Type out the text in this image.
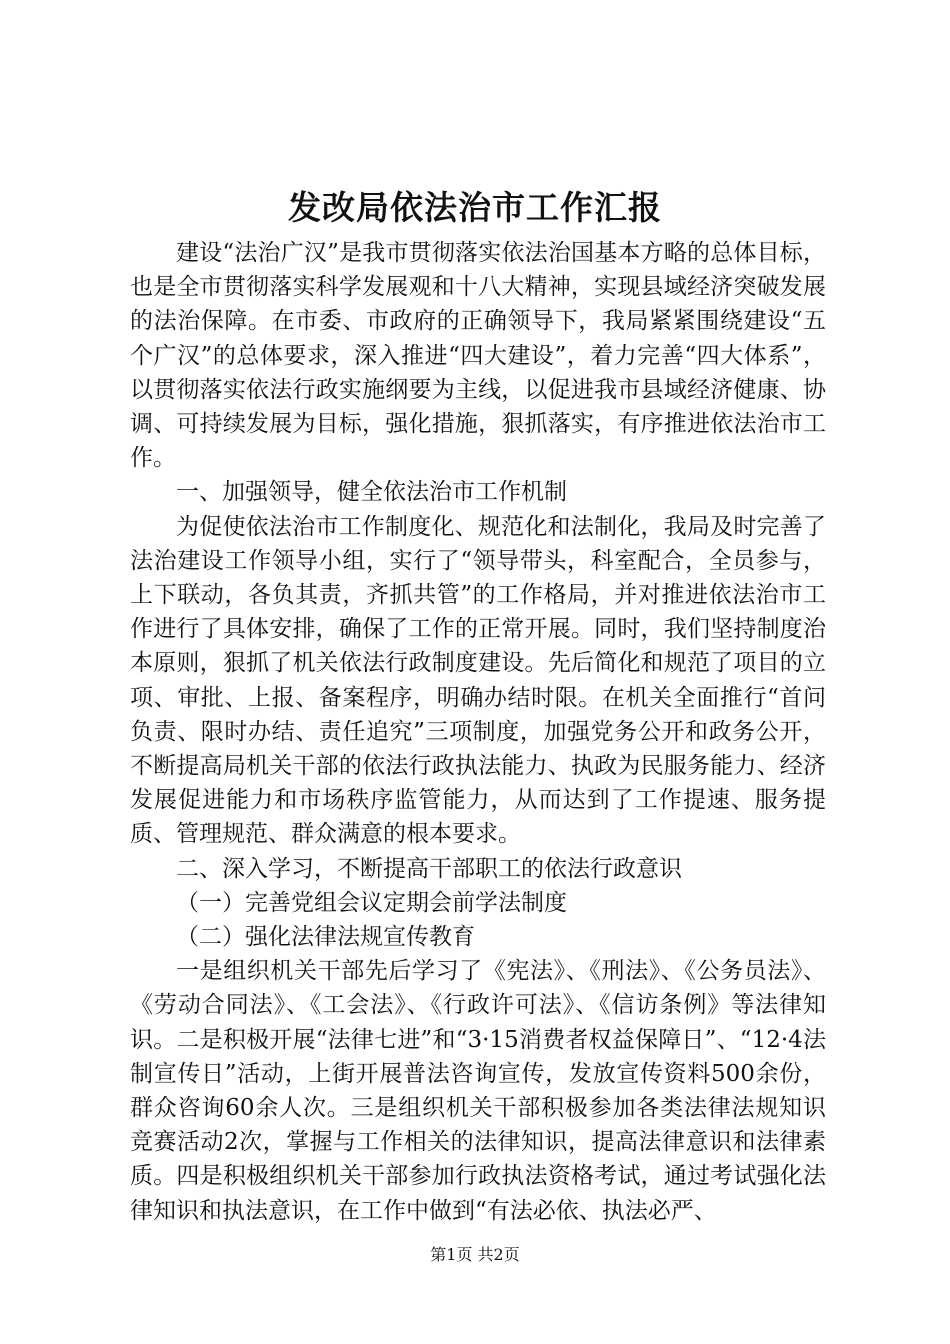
发改局依法治市工作汇报

建设“法治广汉”是我市贯彻落实依法治国基本方略的总体目标，也是全市贯彻落实科学发展观和十八大精神，实现县域经济突破发展的法治保障。在市委、市政府的正确领导下，我局紧紧围绕建设“五个广汉”的总体要求，深入推进“四大建设”，着力完善“四大体系”，以贯彻落实依法行政实施纲要为主线，以促进我市县域经济健康、协调、可持续发展为目标，强化措施，狠抓落实，有序推进依法治市工作。

一、加强领导，健全依法治市工作机制

为促使依法治市工作制度化、规范化和法制化，我局及时完善了法治建设工作领导小组，实行了“领导带头，科室配合，全员参与，上下联动，各负其责，齐抓共管”的工作格局，并对推进依法治市工作进行了具体安排，确保了工作的正常开展。同时，我们坚持制度治本原则，狠抓了机关依法行政制度建设。先后简化和规范了项目的立项、审批、上报、备案程序，明确办结时限。在机关全面推行“首问负责、限时办结、责任追究”三项制度，加强党务公开和政务公开，不断提高局机关干部的依法行政执法能力、执政为民服务能力、经济发展促进能力和市场秩序监管能力，从而达到了工作提速、服务提质、管理规范、群众满意的根本要求。

二、深入学习，不断提高干部职工的依法行政意识

（一）完善党组会议定期会前学法制度

（二）强化法律法规宣传教育

一是组织机关干部先后学习了《宪法》、《刑法》、《公务员法》、《劳动合同法》、《工会法》、《行政许可法》、《信访条例》等法律知识。二是积极开展“法律七进”和“3·15消费者权益保障日”、“12·4法制宣传日”活动，上街开展普法咨询宣传，发放宣传资料500余份，群众咨询60余人次。三是组织机关干部积极参加各类法律法规知识竞赛活动2次，掌握与工作相关的法律知识，提高法律意识和法律素质。四是积极组织机关干部参加行政执法资格考试，通过考试强化法律知识和执法意识，在工作中做到“有法必依、执法必严、

第1页 共2页
